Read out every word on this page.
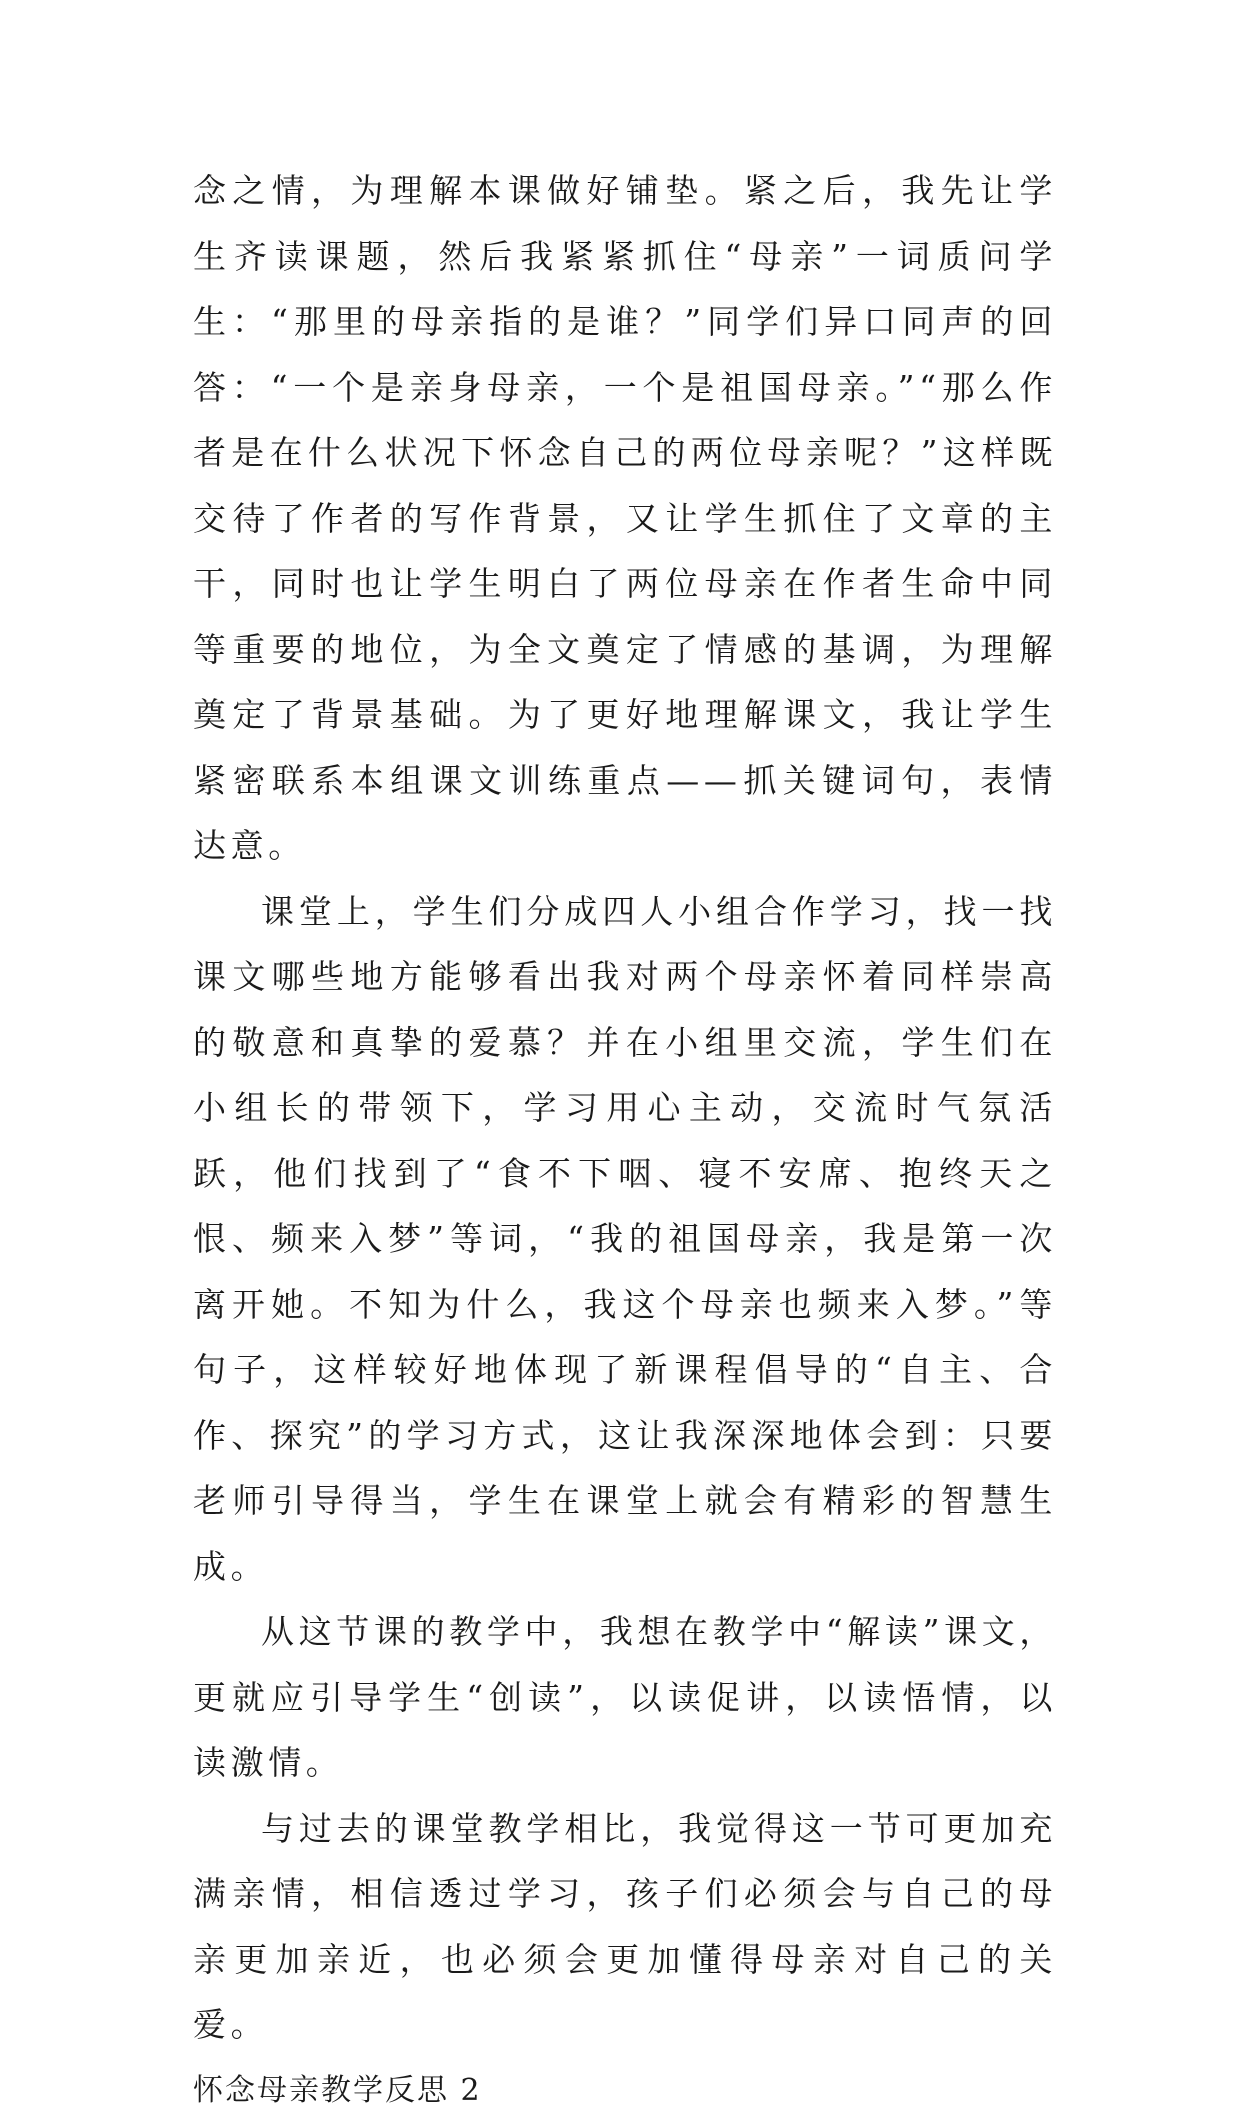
念之情，为理解本课做好铺垫。紧之后，我先让学生齐读课题，然后我紧紧抓住“母亲”一词质问学生：“那里的母亲指的是谁？”同学们异口同声的回答：“一个是亲身母亲，一个是祖国母亲。”“那么作者是在什么状况下怀念自己的两位母亲呢？”这样既交待了作者的写作背景，又让学生抓住了文章的主干，同时也让学生明白了两位母亲在作者生命中同等重要的地位，为全文奠定了情感的基调，为理解奠定了背景基础。为了更好地理解课文，我让学生紧密联系本组课文训练重点——抓关键词句，表情达意。

课堂上，学生们分成四人小组合作学习，找一找课文哪些地方能够看出我对两个母亲怀着同样崇高的敬意和真挚的爱慕？并在小组里交流，学生们在小组长的带领下，学习用心主动，交流时气氛活跃，他们找到了“食不下咽、寝不安席、抱终天之恨、频来入梦”等词，“我的祖国母亲，我是第一次离开她。不知为什么，我这个母亲也频来入梦。”等句子，这样较好地体现了新课程倡导的“自主、合作、探究”的学习方式，这让我深深地体会到：只要老师引导得当，学生在课堂上就会有精彩的智慧生成。

从这节课的教学中，我想在教学中“解读”课文，更就应引导学生“创读”，以读促讲，以读悟情，以读激情。

与过去的课堂教学相比，我觉得这一节可更加充满亲情，相信透过学习，孩子们必须会与自己的母亲更加亲近，也必须会更加懂得母亲对自己的关爱。

怀念母亲教学反思 2
